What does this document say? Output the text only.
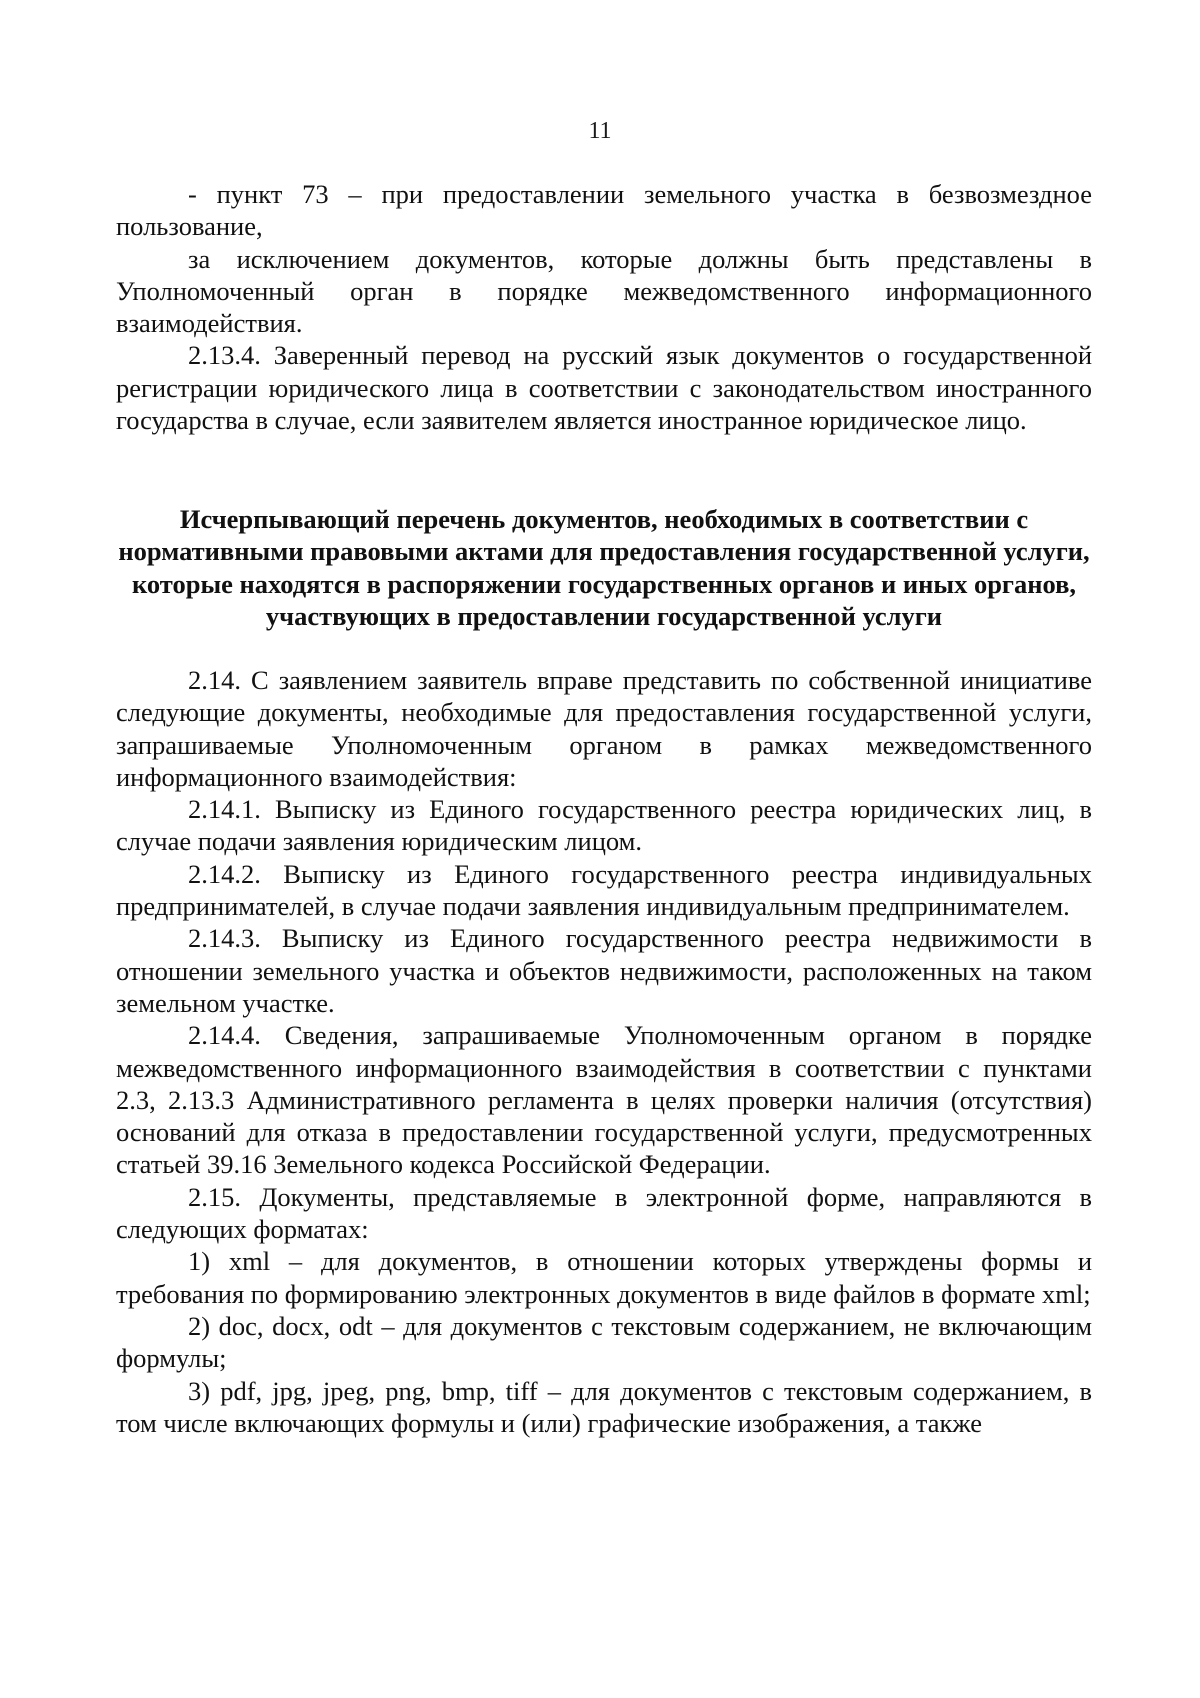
11

- пункт 73 – при предоставлении земельного участка в безвозмездное пользование,

за исключением документов, которые должны быть представлены в Уполномоченный орган в порядке межведомственного информационного взаимодействия.

2.13.4. Заверенный перевод на русский язык документов о государственной регистрации юридического лица в соответствии с законодательством иностранного государства в случае, если заявителем является иностранное юридическое лицо.

Исчерпывающий перечень документов, необходимых в соответствии с нормативными правовыми актами для предоставления государственной услуги, которые находятся в распоряжении государственных органов и иных органов, участвующих в предоставлении государственной услуги

2.14. С заявлением заявитель вправе представить по собственной инициативе следующие документы, необходимые для предоставления государственной услуги, запрашиваемые Уполномоченным органом в рамках межведомственного информационного взаимодействия:

2.14.1. Выписку из Единого государственного реестра юридических лиц, в случае подачи заявления юридическим лицом.

2.14.2. Выписку из Единого государственного реестра индивидуальных предпринимателей, в случае подачи заявления индивидуальным предпринимателем.

2.14.3. Выписку из Единого государственного реестра недвижимости в отношении земельного участка и объектов недвижимости, расположенных на таком земельном участке.

2.14.4. Сведения, запрашиваемые Уполномоченным органом в порядке межведомственного информационного взаимодействия в соответствии с пунктами 2.3, 2.13.3 Административного регламента в целях проверки наличия (отсутствия) оснований для отказа в предоставлении государственной услуги, предусмотренных статьей 39.16 Земельного кодекса Российской Федерации.

2.15. Документы, представляемые в электронной форме, направляются в следующих форматах:

1) xml – для документов, в отношении которых утверждены формы и требования по формированию электронных документов в виде файлов в формате xml;

2) doc, docx, odt – для документов с текстовым содержанием, не включающим формулы;

3) pdf, jpg, jpeg, png, bmp, tiff – для документов с текстовым содержанием, в том числе включающих формулы и (или) графические изображения, а также
